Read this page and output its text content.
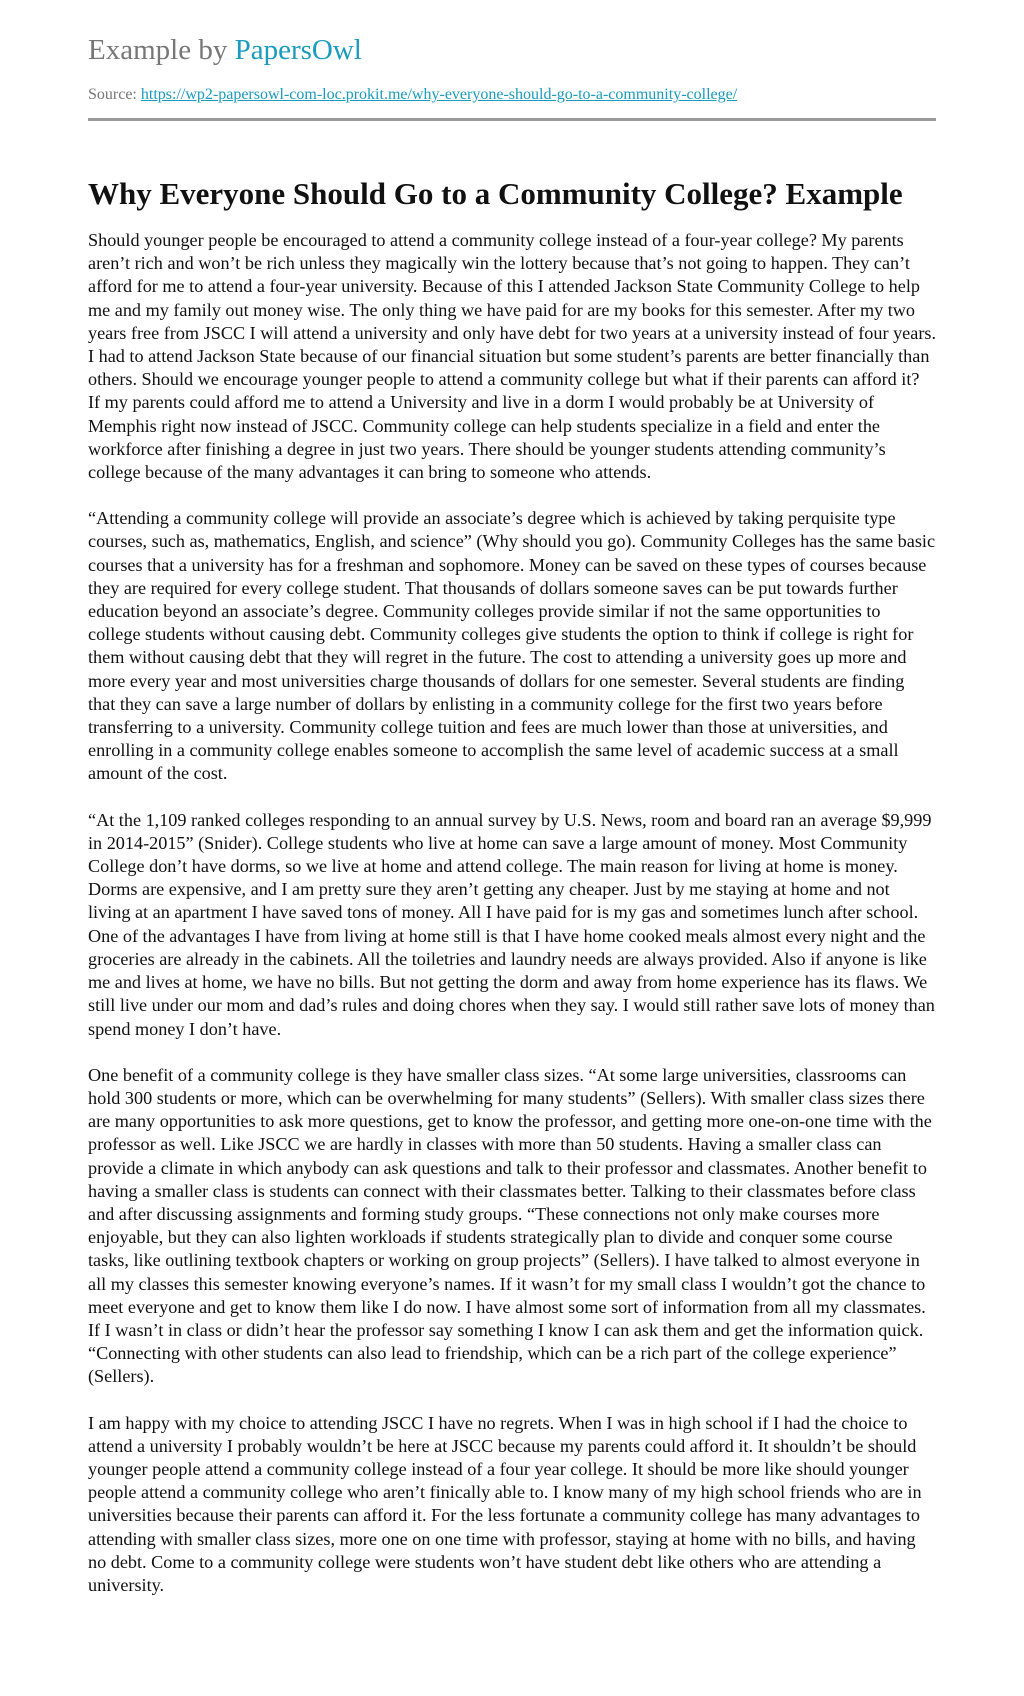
Example by PapersOwl
Source: https://wp2-papersowl-com-loc.prokit.me/why-everyone-should-go-to-a-community-college/
Why Everyone Should Go to a Community College? Example

Should younger people be encouraged to attend a community college instead of a four-year college? My parents aren’t rich and won’t be rich unless they magically win the lottery because that’s not going to happen. They can’t afford for me to attend a four-year university. Because of this I attended Jackson State Community College to help me and my family out money wise. The only thing we have paid for are my books for this semester. After my two years free from JSCC I will attend a university and only have debt for two years at a university instead of four years. I had to attend Jackson State because of our financial situation but some student’s parents are better financially than others. Should we encourage younger people to attend a community college but what if their parents can afford it? If my parents could afford me to attend a University and live in a dorm I would probably be at University of Memphis right now instead of JSCC. Community college can help students specialize in a field and enter the workforce after finishing a degree in just two years. There should be younger students attending community’s college because of the many advantages it can bring to someone who attends.

“Attending a community college will provide an associate’s degree which is achieved by taking perquisite type courses, such as, mathematics, English, and science” (Why should you go). Community Colleges has the same basic courses that a university has for a freshman and sophomore. Money can be saved on these types of courses because they are required for every college student. That thousands of dollars someone saves can be put towards further education beyond an associate’s degree. Community colleges provide similar if not the same opportunities to college students without causing debt. Community colleges give students the option to think if college is right for them without causing debt that they will regret in the future. The cost to attending a university goes up more and more every year and most universities charge thousands of dollars for one semester. Several students are finding that they can save a large number of dollars by enlisting in a community college for the first two years before transferring to a university. Community college tuition and fees are much lower than those at universities, and enrolling in a community college enables someone to accomplish the same level of academic success at a small amount of the cost.

“At the 1,109 ranked colleges responding to an annual survey by U.S. News, room and board ran an average $9,999 in 2014-2015” (Snider). College students who live at home can save a large amount of money. Most Community College don’t have dorms, so we live at home and attend college. The main reason for living at home is money. Dorms are expensive, and I am pretty sure they aren’t getting any cheaper. Just by me staying at home and not living at an apartment I have saved tons of money. All I have paid for is my gas and sometimes lunch after school. One of the advantages I have from living at home still is that I have home cooked meals almost every night and the groceries are already in the cabinets. All the toiletries and laundry needs are always provided. Also if anyone is like me and lives at home, we have no bills. But not getting the dorm and away from home experience has its flaws. We still live under our mom and dad’s rules and doing chores when they say. I would still rather save lots of money than spend money I don’t have.

One benefit of a community college is they have smaller class sizes. “At some large universities, classrooms can hold 300 students or more, which can be overwhelming for many students” (Sellers). With smaller class sizes there are many opportunities to ask more questions, get to know the professor, and getting more one-on-one time with the professor as well. Like JSCC we are hardly in classes with more than 50 students. Having a smaller class can provide a climate in which anybody can ask questions and talk to their professor and classmates. Another benefit to having a smaller class is students can connect with their classmates better. Talking to their classmates before class and after discussing assignments and forming study groups. “These connections not only make courses more enjoyable, but they can also lighten workloads if students strategically plan to divide and conquer some course tasks, like outlining textbook chapters or working on group projects” (Sellers). I have talked to almost everyone in all my classes this semester knowing everyone’s names. If it wasn’t for my small class I wouldn’t got the chance to meet everyone and get to know them like I do now. I have almost some sort of information from all my classmates. If I wasn’t in class or didn’t hear the professor say something I know I can ask them and get the information quick. “Connecting with other students can also lead to friendship, which can be a rich part of the college experience” (Sellers).

I am happy with my choice to attending JSCC I have no regrets. When I was in high school if I had the choice to attend a university I probably wouldn’t be here at JSCC because my parents could afford it. It shouldn’t be should younger people attend a community college instead of a four year college. It should be more like should younger people attend a community college who aren’t finically able to. I know many of my high school friends who are in universities because their parents can afford it. For the less fortunate a community college has many advantages to attending with smaller class sizes, more one on one time with professor, staying at home with no bills, and having no debt. Come to a community college were students won’t have student debt like others who are attending a university.
